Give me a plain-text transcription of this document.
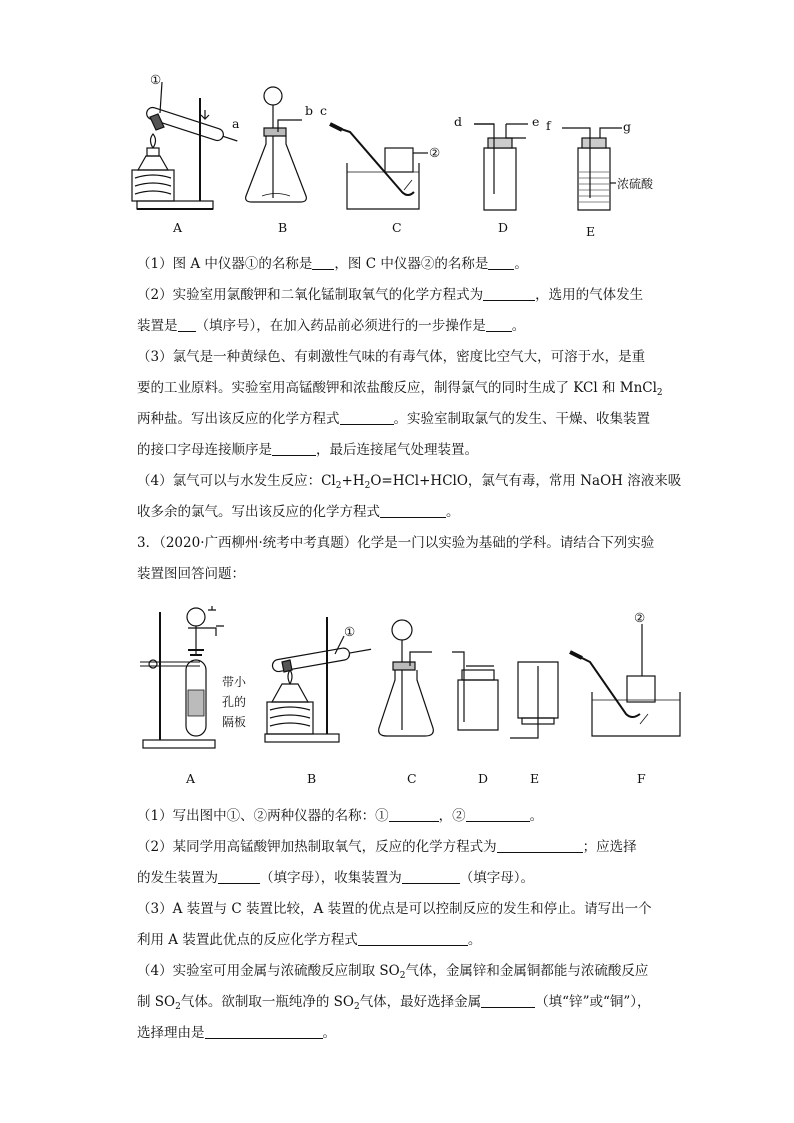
①
a
A
b
B
c
②
C
d	e
D
f	g
浓硫酸
E

（1）图 A 中仪器①的名称是 ，图 C 中仪器②的名称是 。

（2）实验室用氯酸钾和二氧化锰制取氧气的化学方程式为	，选用的气体发生

装置是 （填序号），在加入药品前必须进行的一步操作是 。

（3）氯气是一种黄绿色、有刺激性气味的有毒气体，密度比空气大，可溶于水，是重

要的工业原料。实验室用高锰酸钾和浓盐酸反应，制得氯气的同时生成了 KCl 和 MnCl$_2$

两种盐。写出该反应的化学方程式	。实验室制取氯气的发生、干燥、收集装置

的接口字母连接顺序是	，最后连接尾气处理装置。

（4）氯气可以与水发生反应：$Cl_2+H_2O=HCl+HClO$，氯气有毒，常用 NaOH 溶液来吸

收多余的氯气。写出该反应的化学方程式	。

3．（2020·广西柳州·统考中考真题）化学是一门以实验为基础的学科。请结合下列实验

装置图回答问题：

带小
孔的
隔板
A
①
B	C	D	E
②
F

（1）写出图中①、②两种仪器的名称：①	，②	。

（2）某同学用高锰酸钾加热制取氧气，反应的化学方程式为	；应选择

的发生装置为	（填字母），收集装置为	（填字母）。

（3）A 装置与 C 装置比较，A 装置的优点是可以控制反应的发生和停止。请写出一个

利用 A 装置此优点的反应化学方程式	。

（4）实验室可用金属与浓硫酸反应制取 $SO_2$气体，金属锌和金属铜都能与浓硫酸反应

制 $SO_2$气体。欲制取一瓶纯净的 $SO_2$气体，最好选择金属	（填“锌”或“铜”），

选择理由是	。
